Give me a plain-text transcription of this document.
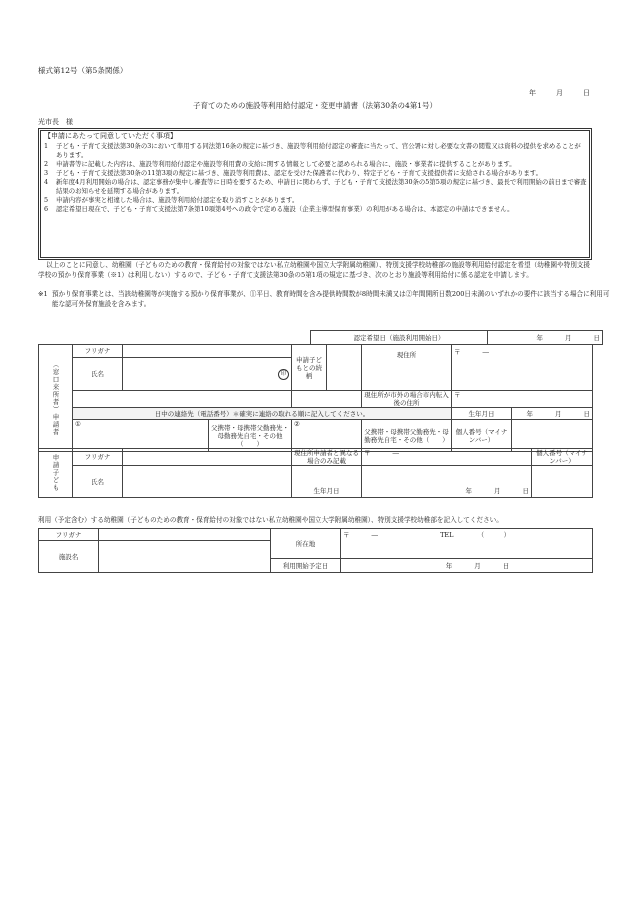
様式第12号（第5条関係）
年	月	日
子育てのための施設等利用給付認定・変更申請書（法第30条の4第1号）
光市長　様
【申請にあたって同意していただく事項】
1 子ども・子育て支援法第30条の3において準用する同法第16条の規定に基づき、施設等利用給付認定の審査に当たって、官公署に対し必要な文書の閲覧又は資料の提供を求めることがあります。
2 申請書等に記載した内容は、施設等利用給付認定や施設等利用費の支給に関する情報として必要と認められる場合に、施設・事業者に提供することがあります。
3 子ども・子育て支援法第30条の11第3項の規定に基づき、施設等利用費は、認定を受けた保護者に代わり、特定子ども・子育て支援提供者に支給される場合があります。
4 新年度4月利用開始の場合は、認定事務が集中し審査等に日時を要するため、申請日に関わらず、子ども・子育て支援法第30条の5第5項の規定に基づき、最長で利用開始の前日まで審査結果のお知らせを延期する場合があります。
5 申請内容が事実と相違した場合は、施設等利用給付認定を取り消すことがあります。
6 認定希望日現在で、子ども・子育て支援法第7条第10項第4号への政令で定める施設（企業主導型保育事業）の利用がある場合は、本認定の申請はできません。
以上のことに同意し、幼稚園（子どものための教育・保育給付の対象ではない私立幼稚園や国立大学附属幼稚園）、特別支援学校幼稚部の施設等利用給付認定を希望（幼稚園や特別支援学校の預かり保育事業（※1）は利用しない）するので、子ども・子育て支援法第30条の5第1項の規定に基づき、次のとおり施設等利用給付に係る認定を申請します。
※1 預かり保育事業とは、当該幼稚園等が実施する預かり保育事業が、①平日、教育時間を含み提供時間数が8時間未満又は②年間開所日数200日未満のいずれかの要件に該当する場合に利用可能な認可外保育施設を含みます。
認定希望日（施設利用開始日）	年	月	日
（窓口来所者）申請者	フリガナ			申請子どもとの続柄		現住所	〒 ―	
	氏名	印						
						現住所が市外の場合市内転入後の住所	〒	
	日中の連絡先（電話番号）＊確実に連絡の取れる順に記入してください。						生年月日	年 月 日
	①		父携帯・母携帯父勤務先・母勤務先自宅・その他（　　）	②		父携帯・母携帯父勤務先・母勤務先自宅・その他（　　）	個人番号（マイナンバー）	
申請子ども	フリガナ		現住所申請者と異なる場合のみ記載	〒 ―	個人番号（マイナンバー）
	氏名		生年月日	年 月 日	
利用（予定含む）する幼稚園（子どものための教育・保育給付の対象ではない私立幼稚園や国立大学附属幼稚園）、特別支援学校幼稚部を記入してください。
フリガナ		所在地	〒 ― TEL （　　　）
施設名			
		利用開始予定日	年 月 日
